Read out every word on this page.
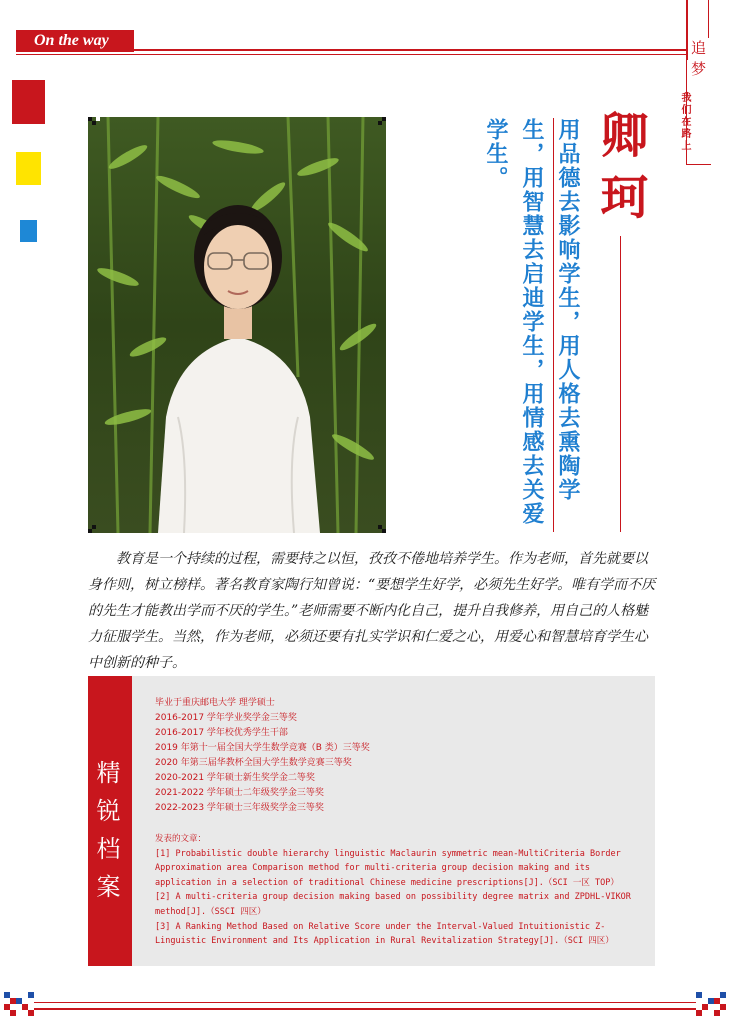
On the way	追梦
我们在路上
卿珂
用品德去影响学生，用人格去熏陶学生，用智慧去启迪学生，用情感去关爱学生。
教育是一个持续的过程，需要持之以恒，孜孜不倦地培养学生。作为老师，首先就要以身作则，树立榜样。著名教育家陶行知曾说：“要想学生好学，必须先生好学。唯有学而不厌的先生才能教出学而不厌的学生。”老师需要不断内化自己，提升自我修养，用自己的人格魅力征服学生。当然，作为老师，必须还要有扎实学识和仁爱之心，用爱心和智慧培育学生心中创新的种子。
精锐档案
毕业于重庆邮电大学 理学硕士
2016-2017 学年学业奖学金三等奖
2016-2017 学年校优秀学生干部
2019 年第十一届全国大学生数学竞赛（B 类）三等奖
2020 年第三届华教杯全国大学生数学竞赛三等奖
2020-2021 学年硕士新生奖学金二等奖
2021-2022 学年硕士二年级奖学金三等奖
2022-2023 学年硕士三年级奖学金三等奖
发表的文章：
[1] Probabilistic double hierarchy linguistic Maclaurin symmetric mean-MultiCriteria Border Approximation area Comparison method for multi-criteria group decision making and its application in a selection of traditional Chinese medicine prescriptions[J].（SCI 一区 TOP）
[2] A multi-criteria group decision making based on possibility degree matrix and ZPDHL-VIKOR method[J].（SSCI 四区）
[3] A Ranking Method Based on Relative Score under the Interval-Valued Intuitionistic Z-Linguistic Environment and Its Application in Rural Revitalization Strategy[J].（SCI 四区）
